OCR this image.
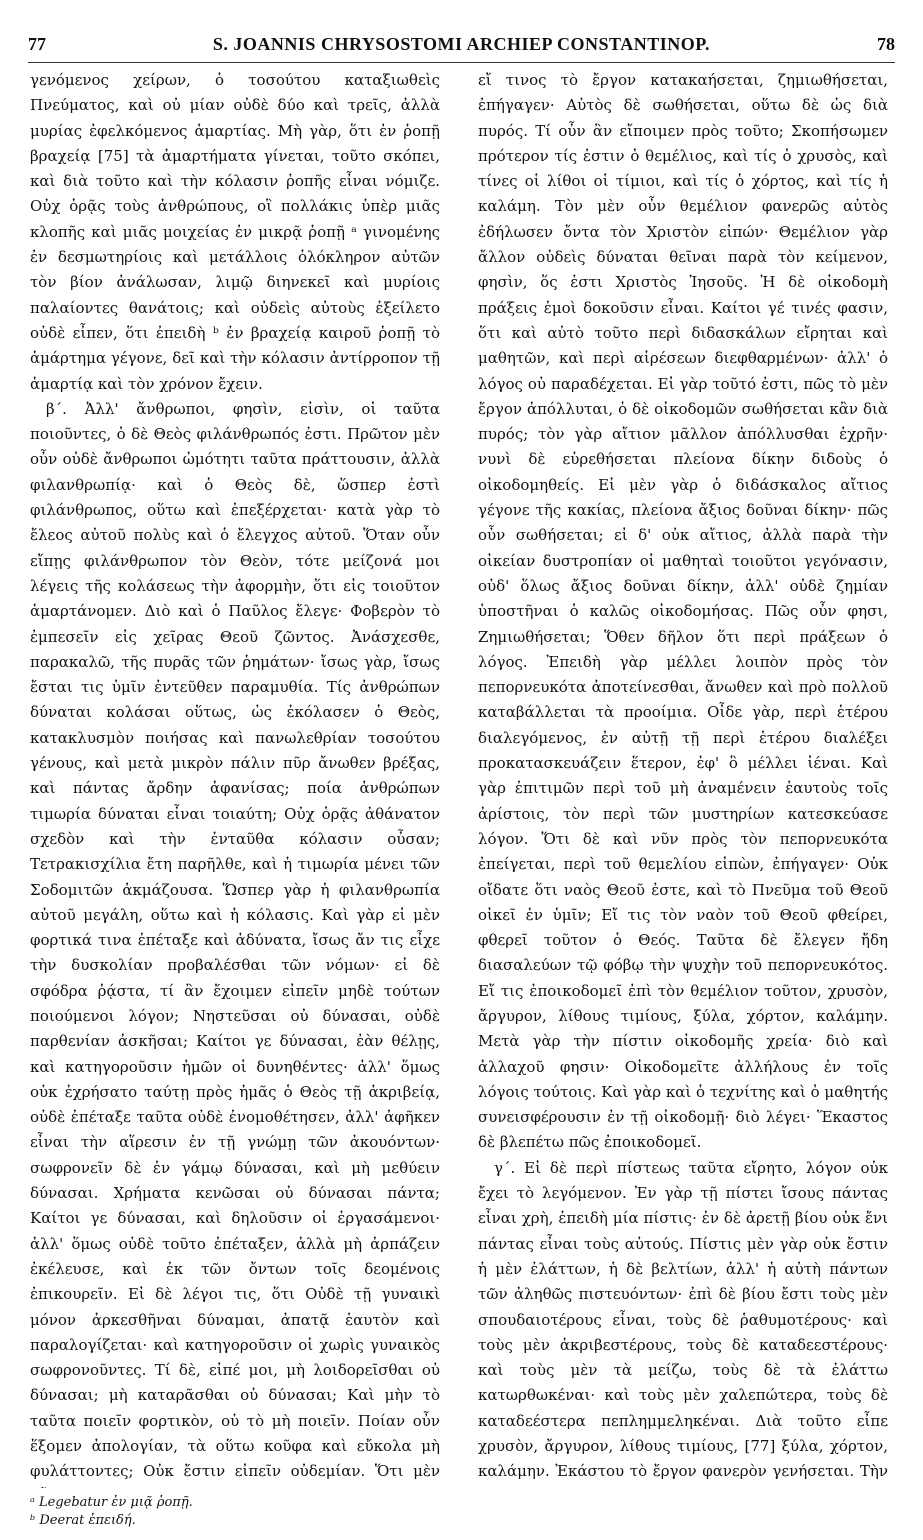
77	S. JOANNIS CHRYSOSTOMI ARCHIEP CONSTANTINOP.	78

γενόμενος χείρων, ὁ τοσούτου καταξιωθεὶς Πνεύματος, καὶ οὐ μίαν οὐδὲ δύο καὶ τρεῖς, ἀλλὰ μυρίας ἐφελκόμενος ἁμαρτίας. Μὴ γὰρ, ὅτι ἐν ῥοπῇ βραχείᾳ [75] τὰ ἁμαρτήματα γίνεται, τοῦτο σκόπει, καὶ διὰ τοῦτο καὶ τὴν κόλασιν ῥοπῆς εἶναι νόμιζε. Οὐχ ὁρᾷς τοὺς ἀνθρώπους, οἳ πολλάκις ὑπὲρ μιᾶς κλοπῆς καὶ μιᾶς μοιχείας ἐν μικρᾷ ῥοπῇ ᵃ γινομένης ἐν δεσμωτηρίοις καὶ μετάλλοις ὁλόκληρον αὐτῶν τὸν βίον ἀνάλωσαν, λιμῷ διηνεκεῖ καὶ μυρίοις παλαίοντες θανάτοις; καὶ οὐδεὶς αὐτοὺς ἐξείλετο οὐδὲ εἶπεν, ὅτι ἐπειδὴ ᵇ ἐν βραχείᾳ καιροῦ ῥοπῇ τὸ ἁμάρτημα γέγονε, δεῖ καὶ τὴν κόλασιν ἀντίρροπον τῇ ἁμαρτίᾳ καὶ τὸν χρόνον ἔχειν.

β΄. Ἀλλ' ἄνθρωποι, φησὶν, εἰσὶν, οἱ ταῦτα ποιοῦντες, ὁ δὲ Θεὸς φιλάνθρωπός ἐστι. Πρῶτον μὲν οὖν οὐδὲ ἄνθρωποι ὠμότητι ταῦτα πράττουσιν, ἀλλὰ φιλανθρωπίᾳ· καὶ ὁ Θεὸς δὲ, ὥσπερ ἐστὶ φιλάνθρωπος, οὕτω καὶ ἐπεξέρχεται· κατὰ γὰρ τὸ ἔλεος αὐτοῦ πολὺς καὶ ὁ ἔλεγχος αὐτοῦ. Ὅταν οὖν εἴπῃς φιλάνθρωπον τὸν Θεὸν, τότε μείζονά μοι λέγεις τῆς κολάσεως τὴν ἀφορμὴν, ὅτι εἰς τοιοῦτον ἁμαρτάνομεν. Διὸ καὶ ὁ Παῦλος ἔλεγε· Φοβερὸν τὸ ἐμπεσεῖν εἰς χεῖρας Θεοῦ ζῶντος. Ἀνάσχεσθε, παρακαλῶ, τῆς πυρᾶς τῶν ῥημάτων· ἴσως γὰρ, ἴσως ἔσται τις ὑμῖν ἐντεῦθεν παραμυθία. Τίς ἀνθρώπων δύναται κολάσαι οὕτως, ὡς ἐκόλασεν ὁ Θεὸς, κατακλυσμὸν ποιήσας καὶ πανωλεθρίαν τοσούτου γένους, καὶ μετὰ μικρὸν πάλιν πῦρ ἄνωθεν βρέξας, καὶ πάντας ἄρδην ἀφανίσας; ποία ἀνθρώπων τιμωρία δύναται εἶναι τοιαύτη; Οὐχ ὁρᾷς ἀθάνατον σχεδὸν καὶ τὴν ἐνταῦθα κόλασιν οὖσαν; Τετρακισχίλια ἔτη παρῆλθε, καὶ ἡ τιμωρία μένει τῶν Σοδομιτῶν ἀκμάζουσα. Ὥσπερ γὰρ ἡ φιλανθρωπία αὐτοῦ μεγάλη, οὕτω καὶ ἡ κόλασις. Καὶ γὰρ εἰ μὲν φορτικά τινα ἐπέταξε καὶ ἀδύνατα, ἴσως ἄν τις εἶχε τὴν δυσκολίαν προβαλέσθαι τῶν νόμων· εἰ δὲ σφόδρα ῥᾴστα, τί ἂν ἔχοιμεν εἰπεῖν μηδὲ τούτων ποιούμενοι λόγον; Νηστεῦσαι οὐ δύνασαι, οὐδὲ παρθενίαν ἀσκῆσαι; Καίτοι γε δύνασαι, ἐὰν θέλῃς, καὶ κατηγοροῦσιν ἡμῶν οἱ δυνηθέντες· ἀλλ' ὅμως οὐκ ἐχρήσατο ταύτῃ πρὸς ἡμᾶς ὁ Θεὸς τῇ ἀκριβείᾳ, οὐδὲ ἐπέταξε ταῦτα οὐδὲ ἐνομοθέτησεν, ἀλλ' ἀφῆκεν εἶναι τὴν αἵρεσιν ἐν τῇ γνώμῃ τῶν ἀκουόντων· σωφρονεῖν δὲ ἐν γάμῳ δύνασαι, καὶ μὴ μεθύειν δύνασαι. Χρήματα κενῶσαι οὐ δύνασαι πάντα; Καίτοι γε δύνασαι, καὶ δηλοῦσιν οἱ ἐργασάμενοι· ἀλλ' ὅμως οὐδὲ τοῦτο ἐπέταξεν, ἀλλὰ μὴ ἁρπάζειν ἐκέλευσε, καὶ ἐκ τῶν ὄντων τοῖς δεομένοις ἐπικουρεῖν. Εἰ δὲ λέγοι τις, ὅτι Οὐδὲ τῇ γυναικὶ μόνον ἀρκεσθῆναι δύναμαι, ἀπατᾷ ἑαυτὸν καὶ παραλογίζεται· καὶ κατηγοροῦσιν οἱ χωρὶς γυναικὸς σωφρονοῦντες. Τί δὲ, εἰπέ μοι, μὴ λοιδορεῖσθαι οὐ δύνασαι; μὴ καταρᾶσθαι οὐ δύνασαι; Καὶ μὴν τὸ ταῦτα ποιεῖν φορτικὸν, οὐ τὸ μὴ ποιεῖν. Ποίαν οὖν ἕξομεν ἀπολογίαν, τὰ οὕτω κοῦφα καὶ εὔκολα μὴ φυλάττοντες; Οὐκ ἔστιν εἰπεῖν οὐδεμίαν. Ὅτι μὲν

εἴ τινος τὸ ἔργον κατακαήσεται, ζημιωθήσεται, ἐπήγαγεν· Αὐτὸς δὲ σωθήσεται, οὕτω δὲ ὡς διὰ πυρός. Τί οὖν ἂν εἴποιμεν πρὸς τοῦτο; Σκοπήσωμεν πρότερον τίς ἐστιν ὁ θεμέλιος, καὶ τίς ὁ χρυσὸς, καὶ τίνες οἱ λίθοι οἱ τίμιοι, καὶ τίς ὁ χόρτος, καὶ τίς ἡ καλάμη. Τὸν μὲν οὖν θεμέλιον φανερῶς αὐτὸς ἐδήλωσεν ὄντα τὸν Χριστὸν εἰπών· Θεμέλιον γὰρ ἄλλον οὐδεὶς δύναται θεῖναι παρὰ τὸν κείμενον, φησὶν, ὅς ἐστι Χριστὸς Ἰησοῦς. Ἡ δὲ οἰκοδομὴ πράξεις ἐμοὶ δοκοῦσιν εἶναι. Καίτοι γέ τινές φασιν, ὅτι καὶ αὐτὸ τοῦτο περὶ διδασκάλων εἴρηται καὶ μαθητῶν, καὶ περὶ αἱρέσεων διεφθαρμένων· ἀλλ' ὁ λόγος οὐ παραδέχεται. Εἰ γὰρ τοῦτό ἐστι, πῶς τὸ μὲν ἔργον ἀπόλλυται, ὁ δὲ οἰκοδομῶν σωθήσεται κἂν διὰ πυρός; τὸν γὰρ αἴτιον μᾶλλον ἀπόλλυσθαι ἐχρῆν· νυνὶ δὲ εὑρεθήσεται πλείονα δίκην διδοὺς ὁ οἰκοδομηθείς. Εἰ μὲν γὰρ ὁ διδάσκαλος αἴτιος γέγονε τῆς κακίας, πλείονα ἄξιος δοῦναι δίκην· πῶς οὖν σωθήσεται; εἰ δ' οὐκ αἴτιος, ἀλλὰ παρὰ τὴν οἰκείαν δυστροπίαν οἱ μαθηταὶ τοιοῦτοι γεγόνασιν, οὐδ' ὅλως ἄξιος δοῦναι δίκην, ἀλλ' οὐδὲ ζημίαν ὑποστῆναι ὁ καλῶς οἰκοδομήσας. Πῶς οὖν φησι, Ζημιωθήσεται; Ὅθεν δῆλον ὅτι περὶ πράξεων ὁ λόγος. Ἐπειδὴ γὰρ μέλλει λοιπὸν πρὸς τὸν πεπορνευκότα ἀποτείνεσθαι, ἄνωθεν καὶ πρὸ πολλοῦ καταβάλλεται τὰ προοίμια. Οἶδε γὰρ, περὶ ἑτέρου διαλεγόμενος, ἐν αὐτῇ τῇ περὶ ἑτέρου διαλέξει προκατασκευάζειν ἕτερον, ἐφ' ὃ μέλλει ἰέναι. Καὶ γὰρ ἐπιτιμῶν περὶ τοῦ μὴ ἀναμένειν ἑαυτοὺς τοῖς ἀρίστοις, τὸν περὶ τῶν μυστηρίων κατεσκεύασε λόγον. Ὅτι δὲ καὶ νῦν πρὸς τὸν πεπορνευκότα ἐπείγεται, περὶ τοῦ θεμελίου εἰπὼν, ἐπήγαγεν· Οὐκ οἴδατε ὅτι ναὸς Θεοῦ ἐστε, καὶ τὸ Πνεῦμα τοῦ Θεοῦ οἰκεῖ ἐν ὑμῖν; Εἴ τις τὸν ναὸν τοῦ Θεοῦ φθείρει, φθερεῖ τοῦτον ὁ Θεός. Ταῦτα δὲ ἔλεγεν ἤδη διασαλεύων τῷ φόβῳ τὴν ψυχὴν τοῦ πεπορνευκότος. Εἴ τις ἐποικοδομεῖ ἐπὶ τὸν θεμέλιον τοῦτον, χρυσὸν, ἄργυρον, λίθους τιμίους, ξύλα, χόρτον, καλάμην. Μετὰ γὰρ τὴν πίστιν οἰκοδομῆς χρεία· διὸ καὶ ἀλλαχοῦ φησιν· Οἰκοδομεῖτε ἀλλήλους ἐν τοῖς λόγοις τούτοις. Καὶ γὰρ καὶ ὁ τεχνίτης καὶ ὁ μαθητής συνεισφέρουσιν ἐν τῇ οἰκοδομῇ· διὸ λέγει· Ἕκαστος δὲ βλεπέτω πῶς ἐποικοδομεῖ.

γ΄. Εἰ δὲ περὶ πίστεως ταῦτα εἴρητο, λόγον οὐκ ἔχει τὸ λεγόμενον. Ἐν γὰρ τῇ πίστει ἴσους πάντας εἶναι χρὴ, ἐπειδὴ μία πίστις· ἐν δὲ ἀρετῇ βίου οὐκ ἔνι πάντας εἶναι τοὺς αὐτούς. Πίστις μὲν γὰρ οὐκ ἔστιν ἡ μὲν ἐλάττων, ἡ δὲ βελτίων, ἀλλ' ἡ αὐτὴ πάντων τῶν ἀληθῶς πιστευόντων· ἐπὶ δὲ βίου ἔστι τοὺς μὲν σπουδαιοτέρους εἶναι, τοὺς δὲ ῥαθυμοτέρους· καὶ τοὺς μὲν ἀκριβεστέρους, τοὺς δὲ καταδεεστέρους· καὶ τοὺς μὲν τὰ μείζω, τοὺς δὲ τὰ ἐλάττω κατωρθωκέναι· καὶ τοὺς μὲν χαλεπώτερα, τοὺς δὲ καταδεέστερα πεπλημμεληκέναι. Διὰ τοῦτο εἶπε χρυσὸν, ἄργυρον, λίθους τιμίους, [77] ξύλα, χόρτον, καλάμην. Ἑκάστου τὸ ἔργον φανερὸν γενήσεται. Τὴν

ᵃ Legebatur ἐν μιᾷ ῥοπῇ.
ᵇ Deerat ἐπειδή.
